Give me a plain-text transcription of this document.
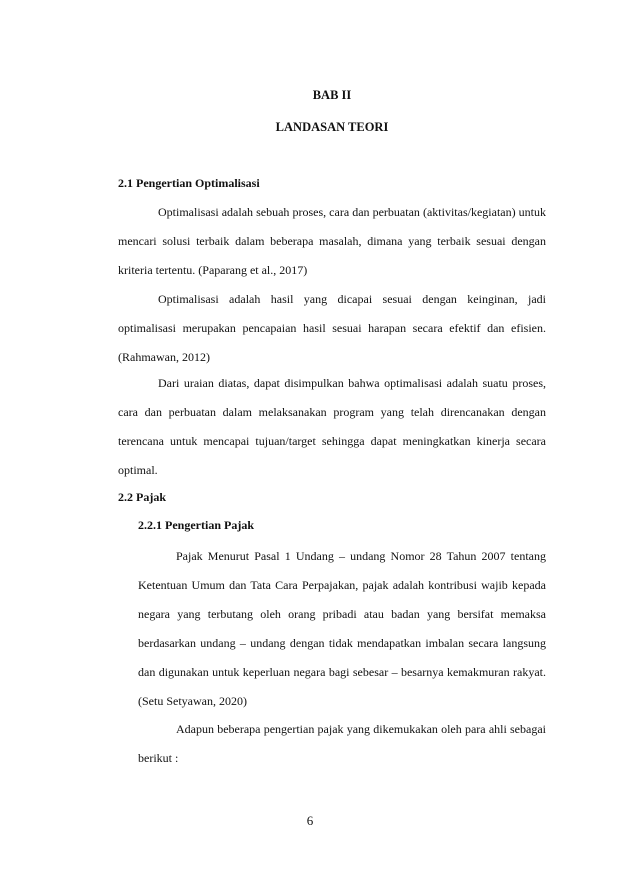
BAB II

LANDASAN TEORI

2.1 Pengertian Optimalisasi

Optimalisasi adalah sebuah proses, cara dan perbuatan (aktivitas/kegiatan) untuk mencari solusi terbaik dalam beberapa masalah, dimana yang terbaik sesuai dengan kriteria tertentu. (Paparang et al., 2017)

Optimalisasi adalah hasil yang dicapai sesuai dengan keinginan, jadi optimalisasi merupakan pencapaian hasil sesuai harapan secara efektif dan efisien. (Rahmawan, 2012)

Dari uraian diatas, dapat disimpulkan bahwa optimalisasi adalah suatu proses, cara dan perbuatan dalam melaksanakan program yang telah direncanakan dengan terencana untuk mencapai tujuan/target sehingga dapat meningkatkan kinerja secara optimal.

2.2 Pajak

2.2.1 Pengertian Pajak

Pajak Menurut Pasal 1 Undang – undang Nomor 28 Tahun 2007 tentang Ketentuan Umum dan Tata Cara Perpajakan, pajak adalah kontribusi wajib kepada negara yang terbutang oleh orang pribadi atau badan yang bersifat memaksa berdasarkan undang – undang dengan tidak mendapatkan imbalan secara langsung dan digunakan untuk keperluan negara bagi sebesar – besarnya kemakmuran rakyat. (Setu Setyawan, 2020)

Adapun beberapa pengertian pajak yang dikemukakan oleh para ahli sebagai berikut :

6
